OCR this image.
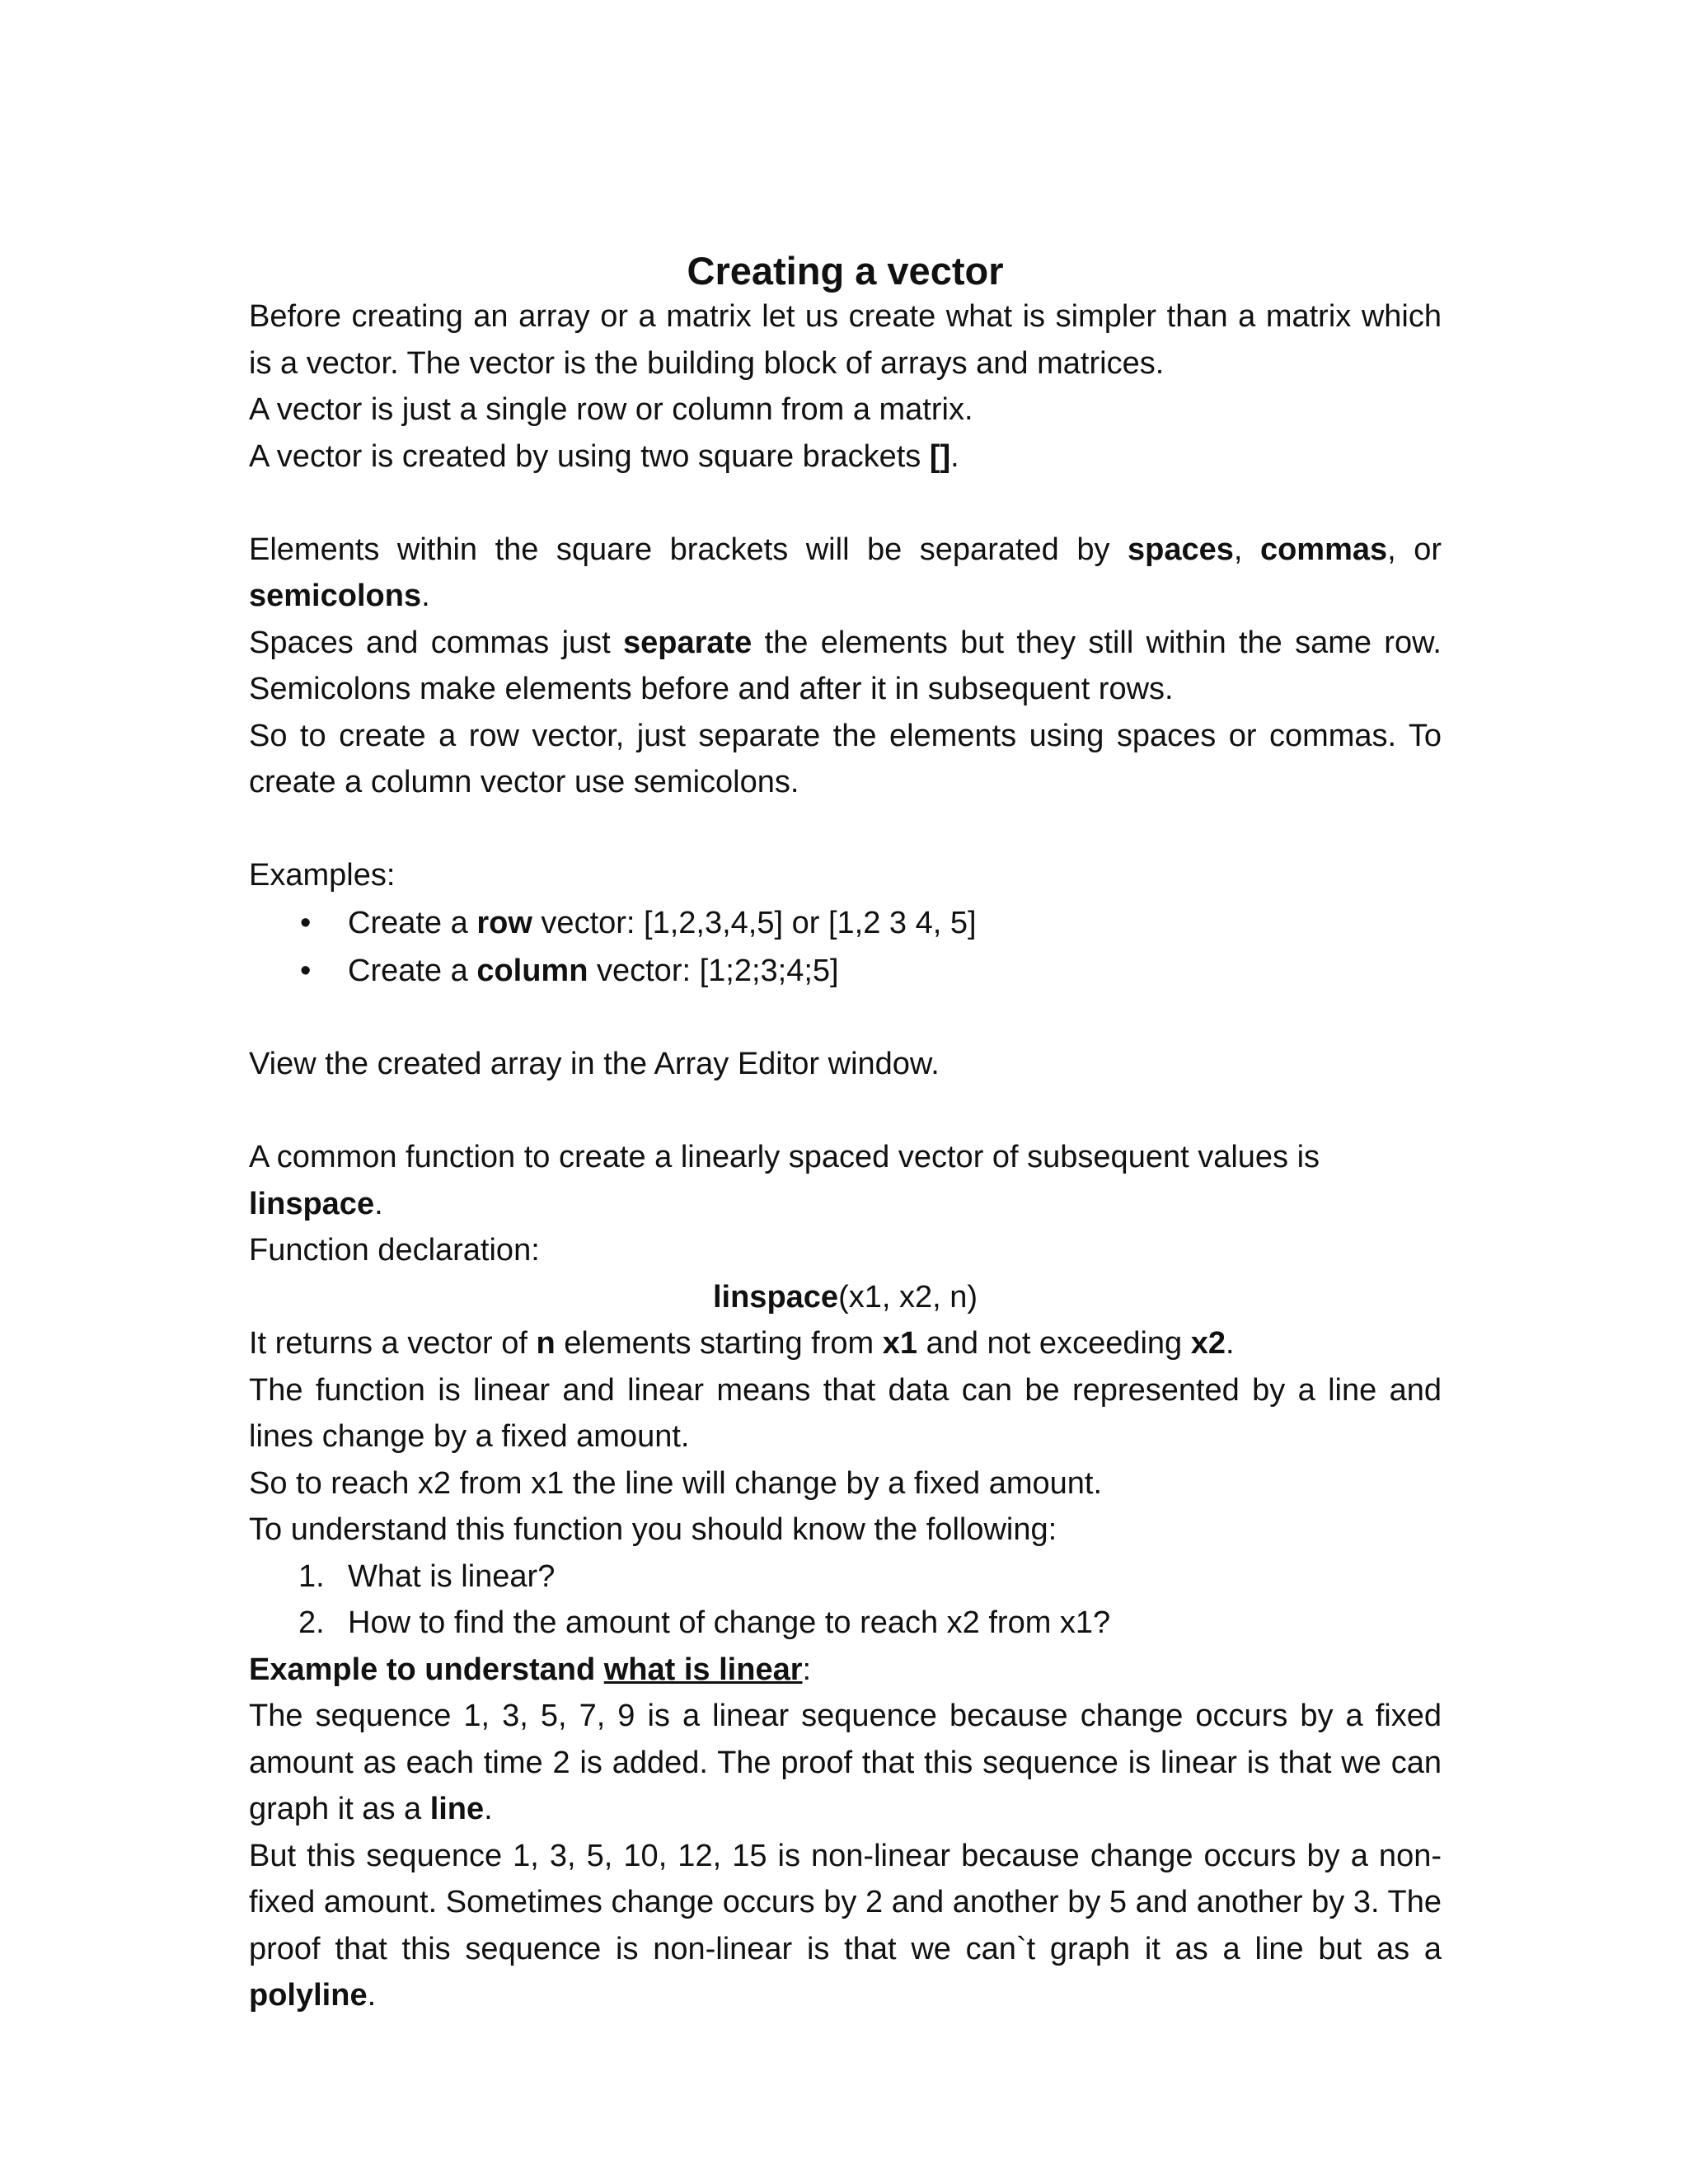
Creating a vector

Before creating an array or a matrix let us create what is simpler than a matrix which is a vector. The vector is the building block of arrays and matrices.

A vector is just a single row or column from a matrix.

A vector is created by using two square brackets [].

Elements within the square brackets will be separated by spaces, commas, or semicolons.

Spaces and commas just separate the elements but they still within the same row. Semicolons make elements before and after it in subsequent rows.

So to create a row vector, just separate the elements using spaces or commas. To create a column vector use semicolons.

Examples:

• Create a row vector: [1,2,3,4,5] or [1,2 3 4, 5]
• Create a column vector: [1;2;3;4;5]

View the created array in the Array Editor window.

A common function to create a linearly spaced vector of subsequent values is linspace.

Function declaration:

linspace(x1, x2, n)

It returns a vector of n elements starting from x1 and not exceeding x2.

The function is linear and linear means that data can be represented by a line and lines change by a fixed amount.

So to reach x2 from x1 the line will change by a fixed amount.

To understand this function you should know the following:

1. What is linear?
2. How to find the amount of change to reach x2 from x1?

Example to understand what is linear:

The sequence 1, 3, 5, 7, 9 is a linear sequence because change occurs by a fixed amount as each time 2 is added. The proof that this sequence is linear is that we can graph it as a line.

But this sequence 1, 3, 5, 10, 12, 15 is non-linear because change occurs by a non-fixed amount. Sometimes change occurs by 2 and another by 5 and another by 3. The proof that this sequence is non-linear is that we can`t graph it as a line but as a polyline.
